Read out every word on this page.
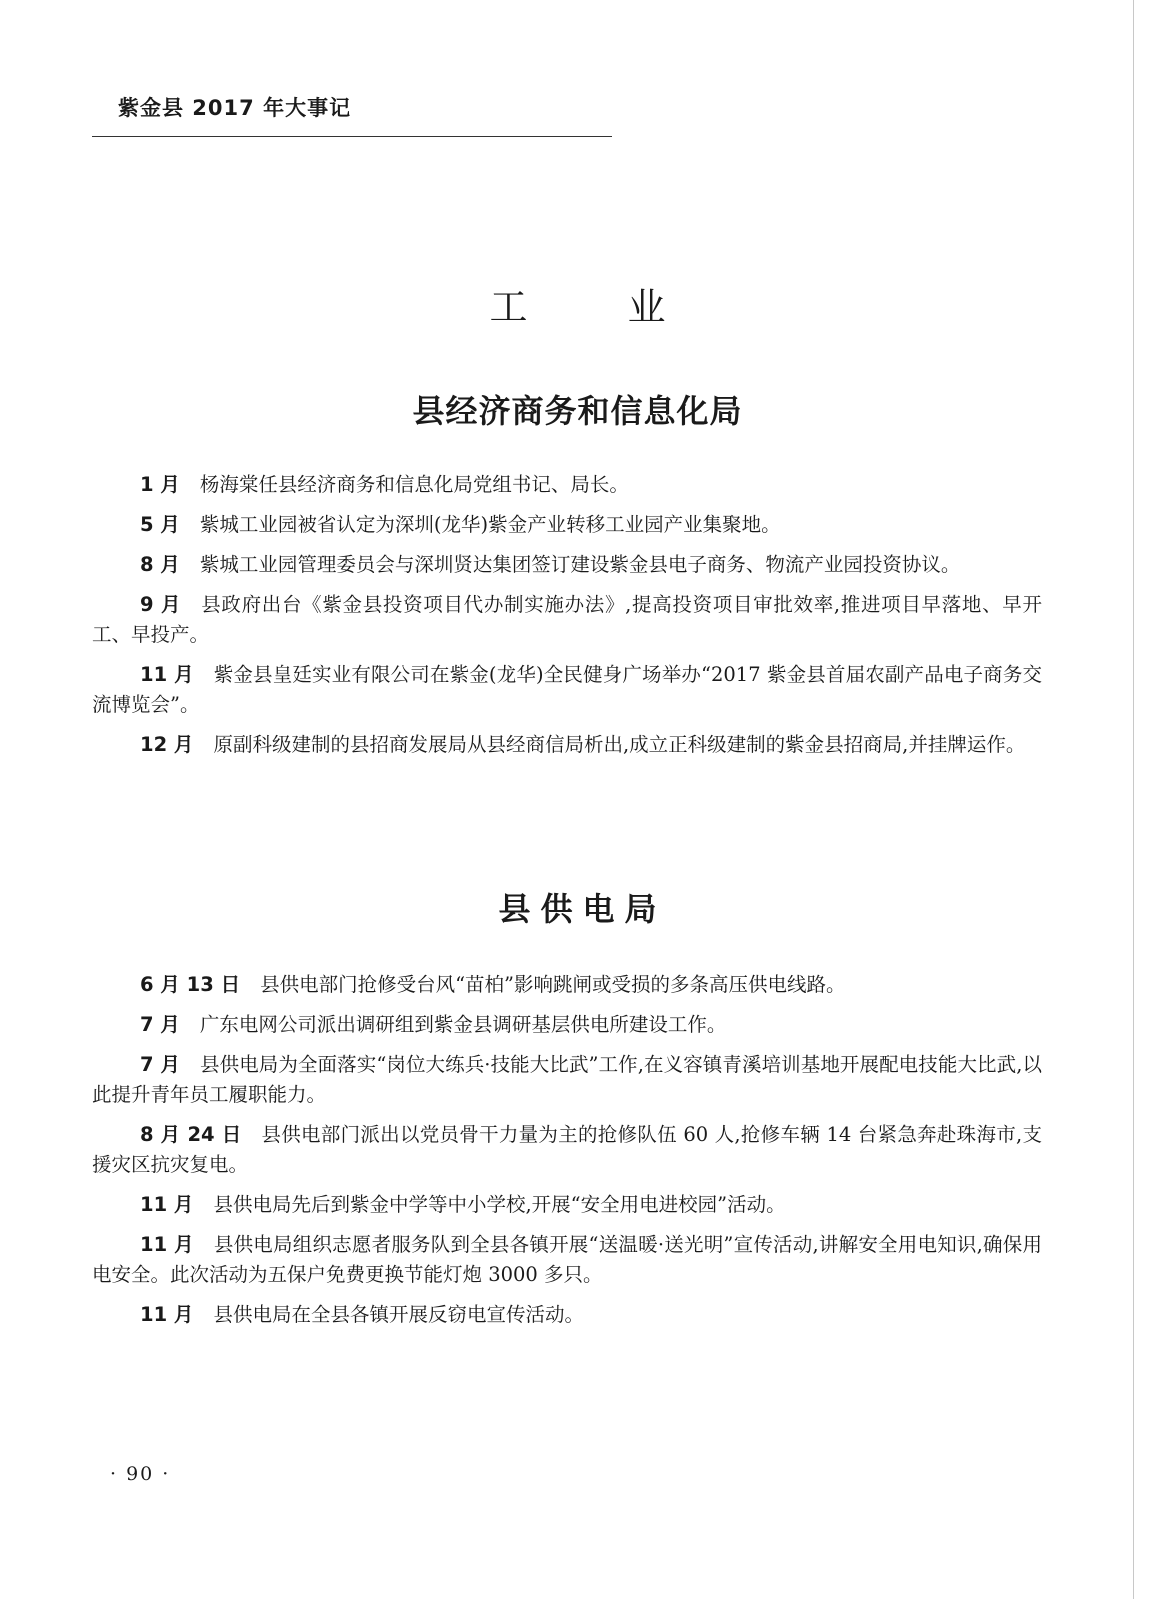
紫金县 2017 年大事记
工业
县经济商务和信息化局

1 月 杨海棠任县经济商务和信息化局党组书记、局长。

5 月 紫城工业园被省认定为深圳(龙华)紫金产业转移工业园产业集聚地。

8 月 紫城工业园管理委员会与深圳贤达集团签订建设紫金县电子商务、物流产业园投资协议。

9 月 县政府出台《紫金县投资项目代办制实施办法》,提高投资项目审批效率,推进项目早落地、早开工、早投产。

11 月 紫金县皇廷实业有限公司在紫金(龙华)全民健身广场举办“2017 紫金县首届农副产品电子商务交流博览会”。

12 月 原副科级建制的县招商发展局从县经商信局析出,成立正科级建制的紫金县招商局,并挂牌运作。

县供电局

6 月 13 日 县供电部门抢修受台风“苗柏”影响跳闸或受损的多条高压供电线路。

7 月 广东电网公司派出调研组到紫金县调研基层供电所建设工作。

7 月 县供电局为全面落实“岗位大练兵·技能大比武”工作,在义容镇青溪培训基地开展配电技能大比武,以此提升青年员工履职能力。

8 月 24 日 县供电部门派出以党员骨干力量为主的抢修队伍 60 人,抢修车辆 14 台紧急奔赴珠海市,支援灾区抗灾复电。

11 月 县供电局先后到紫金中学等中小学校,开展“安全用电进校园”活动。

11 月 县供电局组织志愿者服务队到全县各镇开展“送温暖·送光明”宣传活动,讲解安全用电知识,确保用电安全。此次活动为五保户免费更换节能灯炮 3000 多只。

11 月 县供电局在全县各镇开展反窃电宣传活动。

· 90 ·
